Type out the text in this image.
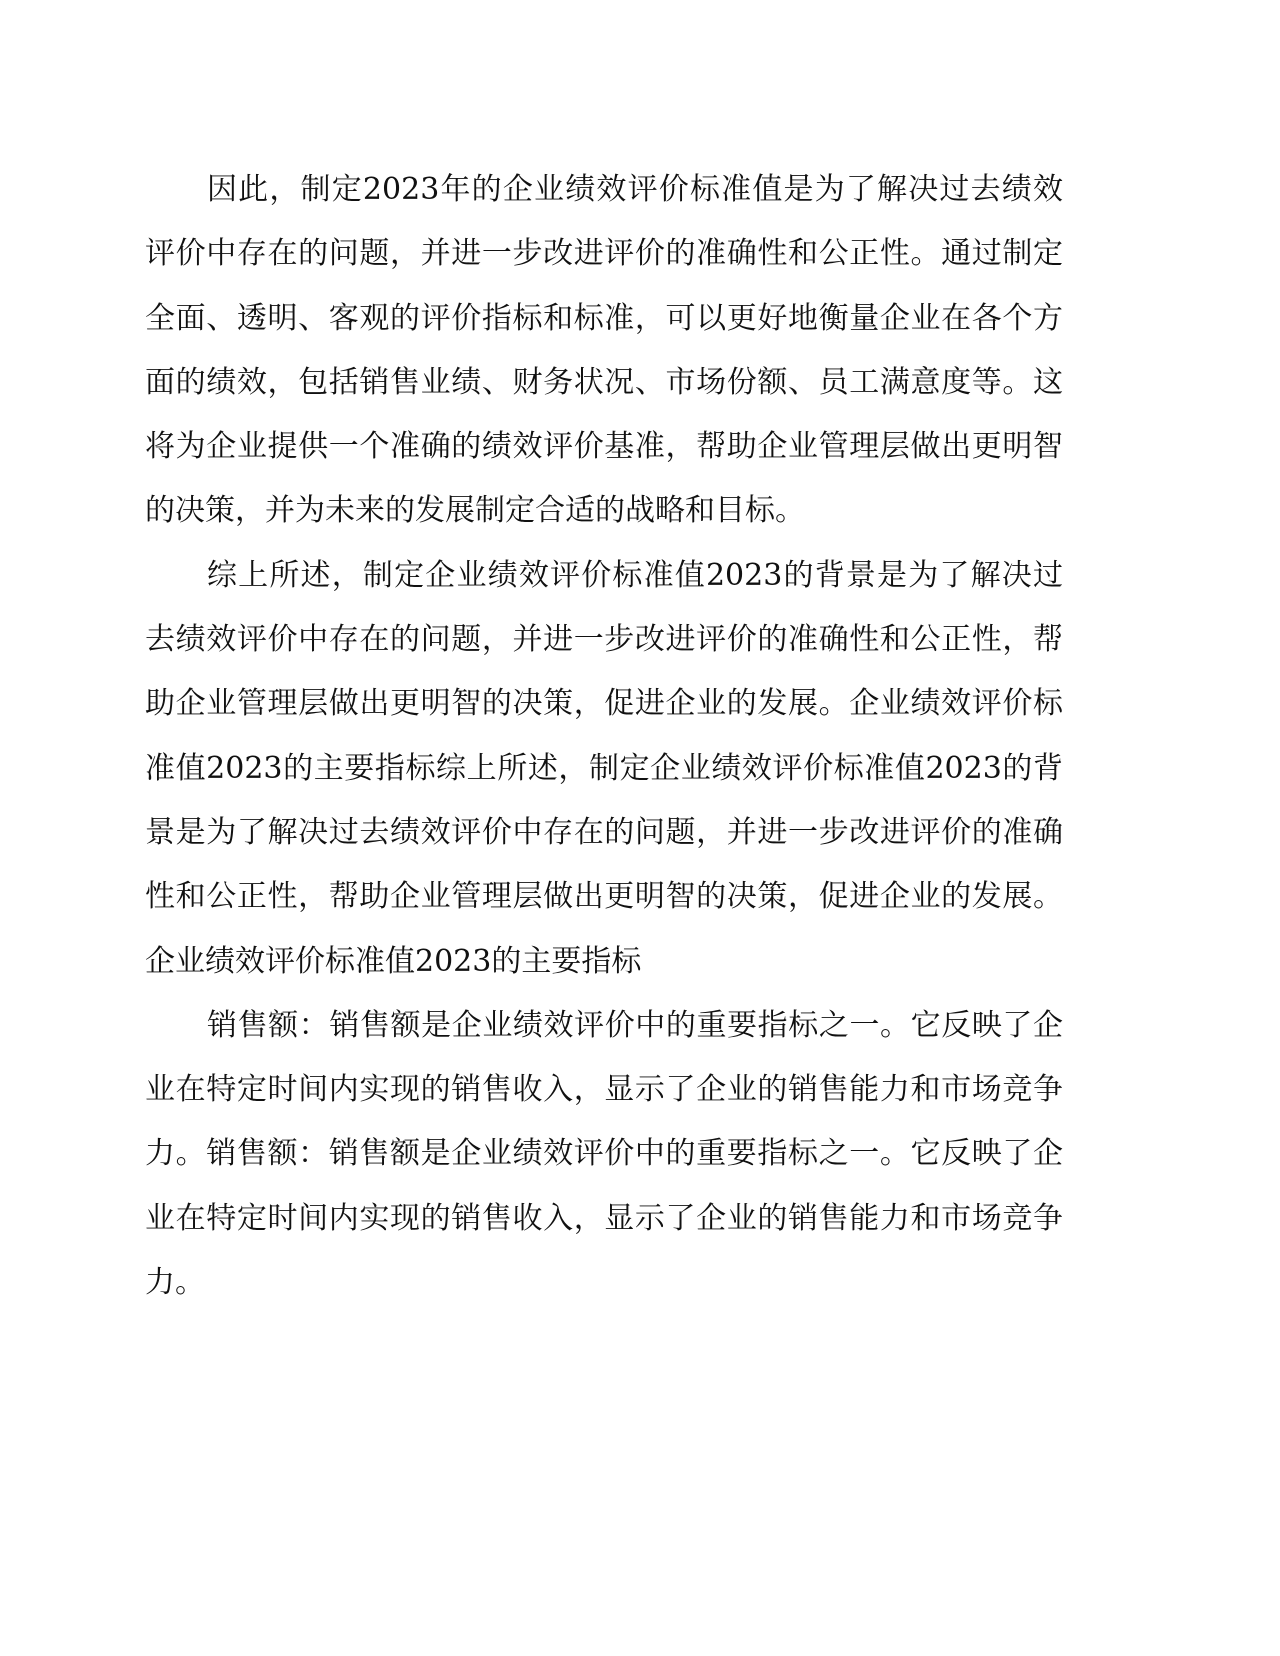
因此，制定2023年的企业绩效评价标准值是为了解决过去绩效评价中存在的问题，并进一步改进评价的准确性和公正性。通过制定全面、透明、客观的评价指标和标准，可以更好地衡量企业在各个方面的绩效，包括销售业绩、财务状况、市场份额、员工满意度等。这将为企业提供一个准确的绩效评价基准，帮助企业管理层做出更明智的决策，并为未来的发展制定合适的战略和目标。

综上所述，制定企业绩效评价标准值2023的背景是为了解决过去绩效评价中存在的问题，并进一步改进评价的准确性和公正性，帮助企业管理层做出更明智的决策，促进企业的发展。企业绩效评价标准值2023的主要指标综上所述，制定企业绩效评价标准值2023的背景是为了解决过去绩效评价中存在的问题，并进一步改进评价的准确性和公正性，帮助企业管理层做出更明智的决策，促进企业的发展。企业绩效评价标准值2023的主要指标

销售额：销售额是企业绩效评价中的重要指标之一。它反映了企业在特定时间内实现的销售收入，显示了企业的销售能力和市场竞争力。销售额：销售额是企业绩效评价中的重要指标之一。它反映了企业在特定时间内实现的销售收入，显示了企业的销售能力和市场竞争力。
